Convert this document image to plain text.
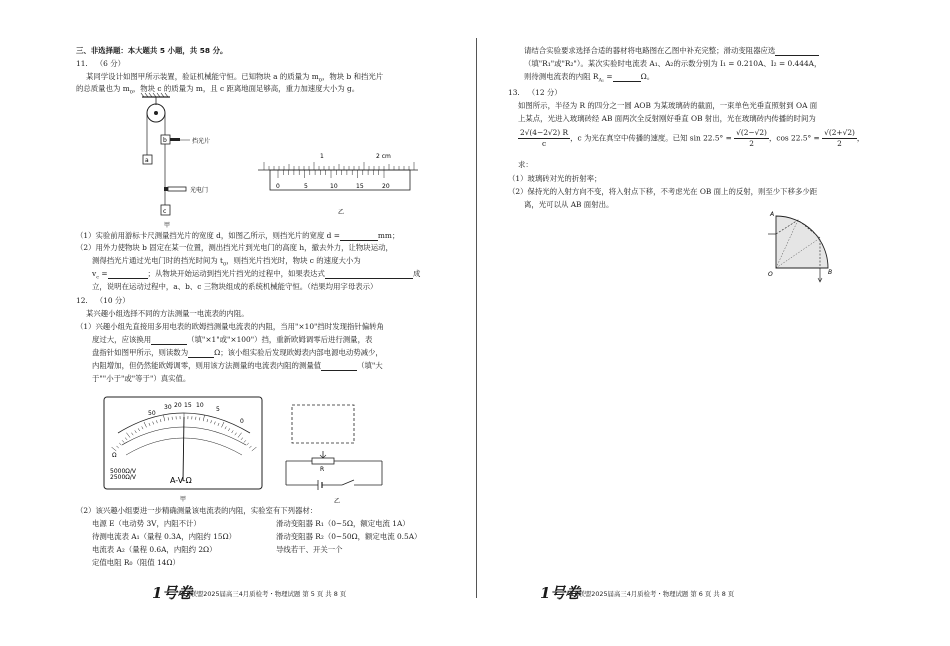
三、非选择题：本大题共 5 小题，共 58 分。
11. （6 分）
某同学设计如图甲所示装置，验证机械能守恒。已知物块 a 的质量为 $m_0$，物块 b 和挡光片
的总质量也为 $m_0$，物块 c 的质量为 m，且 c 距离地面足够高，重力加速度大小为 g。
b	挡光片
a
光电门
c
甲
1	2 cm
0	5	10	15	20
乙
（1）实验前用游标卡尺测量挡光片的宽度 d，如图乙所示，则挡光片的宽度 d =	mm；
（2）用外力使物块 b 固定在某一位置，测出挡光片到光电门的高度 h，撤去外力，让物块运动，
测得挡光片通过光电门时的挡光时间为 $t_0$，则挡光片挡光时，物块 c 的速度大小为
$v_c$ =	；从物块开始运动到挡光片挡光的过程中，如果表达式	成
立，说明在运动过程中，a、b、c 三物块组成的系统机械能守恒。（结果均用字母表示）
12. （10 分）
某兴趣小组选择不同的方法测量一电流表的内阻。
（1）兴趣小组先直接用多用电表的欧姆挡测量电流表的内阻，当用"×10"挡时发现指针偏转角
度过大，应该换用	（填"×1"或"×100"）挡，重新欧姆调零后进行测量，表
盘指针如图甲所示，则读数为	Ω；该小组实验后发现欧姆表内部电源电动势减少，
内阻增加，但仍然能欧姆调零，则用该方法测量的电流表内阻的测量值	（填"大
于""小于"或"等于"）真实值。
50
30 20 15 10
5
0
Ω
5000Ω/V
2500Ω/V	A-V-Ω
甲
R
乙
（2）该兴趣小组要进一步精确测量该电流表的内阻，实验室有下列器材：
电源 E（电动势 3V，内阻不计）
待测电流表 A₁（量程 0.3A，内阻约 15Ω）
电流表 A₂（量程 0.6A，内阻约 2Ω）
定值电阻 R₀（阻值 14Ω）
滑动变阻器 R₁（0~5Ω，额定电流 1A）
滑动变阻器 R₂（0~50Ω，额定电流 0.5A）
导线若干、开关一个
1号卷
A10联盟2025届高三4月质检考・物理试题 第 5 页 共 8 页
请结合实验要求选择合适的器材将电路图在乙图中补充完整；滑动变阻器应选
（填"R₁"或"R₂"）。某次实验时电流表 A₁、A₂的示数分别为 I₁ = 0.210A、I₂ = 0.444A，
则待测电流表的内阻 $R_{A_1}$ =	Ω。
13. （12 分）
如图所示，半径为 R 的四分之一圆 AOB 为某玻璃砖的截面，一束单色光垂直照射到 OA 面
上某点，光进入玻璃砖经 AB 面两次全反射刚好垂直 OB 射出，光在玻璃砖内传播的时间为
$\frac{2√(4-2√2) R}{c}$ ，c 为光在真空中传播的速度。已知 $\sin 22.5^\circ = \frac{√(2-√2)}{2}$ ，$\cos 22.5^\circ = \frac{√(2+√2)}{2}$ ，
求：
（1）玻璃砖对光的折射率；
（2）保持光的入射方向不变，将入射点下移，不考虑光在 OB 面上的反射，则至少下移多少距
离，光可以从 AB 面射出。
A
O	B
1号卷
A10联盟2025届高三4月质检考・物理试题 第 6 页 共 8 页
